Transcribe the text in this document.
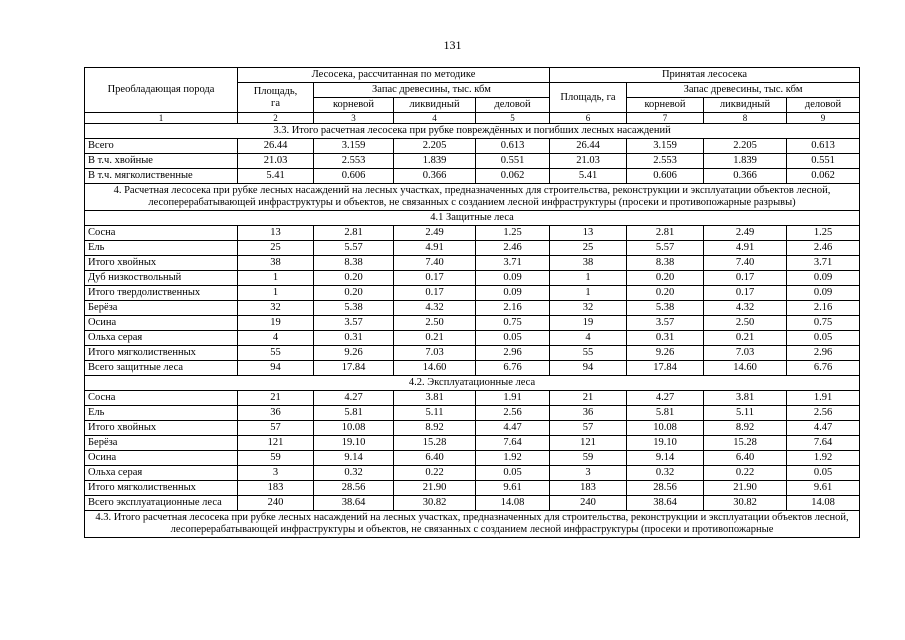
131
Преобладающая порода	Лесосека, рассчитанная по методике				Принятая лесосека			
	Площадь,
га	Запас древесины, тыс. кбм			Площадь, га	Запас древесины, тыс. кбм		
		корневой	ликвидный	деловой		корневой	ликвидный	деловой
1	2	3	4	5	6	7	8	9
3.3. Итого расчетная лесосека при рубке повреждённых и погибших лесных насаждений								
Всего	26.44	3.159	2.205	0.613	26.44	3.159	2.205	0.613
В т.ч. хвойные	21.03	2.553	1.839	0.551	21.03	2.553	1.839	0.551
В т.ч. мягколиственные	5.41	0.606	0.366	0.062	5.41	0.606	0.366	0.062
4. Расчетная лесосека при рубке лесных насаждений на лесных участках, предназначенных для строительства, реконструкции и эксплуатации объектов лесной, лесоперерабатывающей инфраструктуры и объектов, не связанных с созданием лесной инфраструктуры (просеки и противопожарные разрывы)								
4.1 Защитные леса								
Сосна	13	2.81	2.49	1.25	13	2.81	2.49	1.25
Ель	25	5.57	4.91	2.46	25	5.57	4.91	2.46
Итого хвойных	38	8.38	7.40	3.71	38	8.38	7.40	3.71
Дуб низкоствольный	1	0.20	0.17	0.09	1	0.20	0.17	0.09
Итого твердолиственных	1	0.20	0.17	0.09	1	0.20	0.17	0.09
Берёза	32	5.38	4.32	2.16	32	5.38	4.32	2.16
Осина	19	3.57	2.50	0.75	19	3.57	2.50	0.75
Ольха серая	4	0.31	0.21	0.05	4	0.31	0.21	0.05
Итого мягколиственных	55	9.26	7.03	2.96	55	9.26	7.03	2.96
Всего защитные леса	94	17.84	14.60	6.76	94	17.84	14.60	6.76
4.2. Эксплуатационные леса								
Сосна	21	4.27	3.81	1.91	21	4.27	3.81	1.91
Ель	36	5.81	5.11	2.56	36	5.81	5.11	2.56
Итого хвойных	57	10.08	8.92	4.47	57	10.08	8.92	4.47
Берёза	121	19.10	15.28	7.64	121	19.10	15.28	7.64
Осина	59	9.14	6.40	1.92	59	9.14	6.40	1.92
Ольха серая	3	0.32	0.22	0.05	3	0.32	0.22	0.05
Итого мягколиственных	183	28.56	21.90	9.61	183	28.56	21.90	9.61
Всего эксплуатационные леса	240	38.64	30.82	14.08	240	38.64	30.82	14.08
4.3. Итого расчетная лесосека при рубке лесных насаждений на лесных участках, предназначенных для строительства, реконструкции и эксплуатации объектов лесной, лесоперерабатывающей инфраструктуры и объектов, не связанных с созданием лесной инфраструктуры (просеки и противопожарные								
